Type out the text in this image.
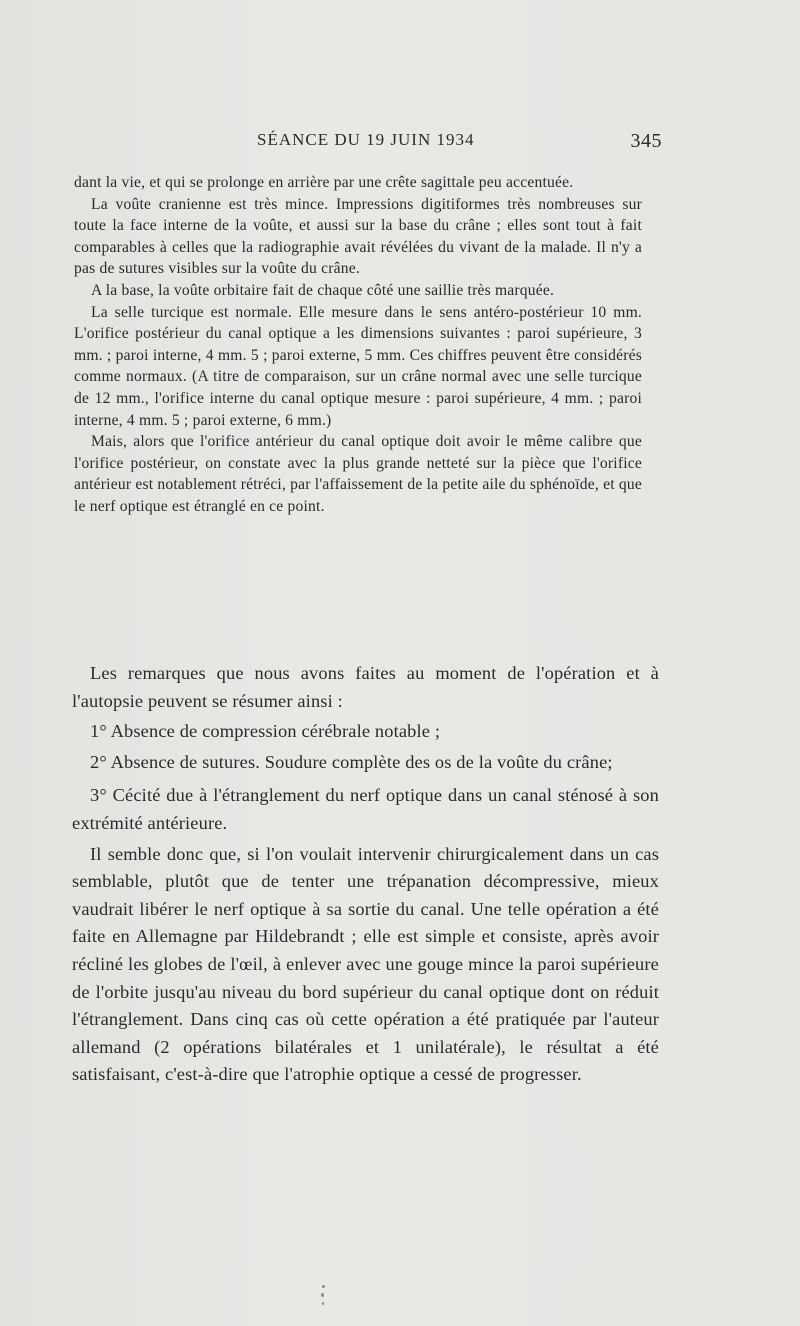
SÉANCE DU 19 JUIN 1934	345

dant la vie, et qui se prolonge en arrière par une crête sagittale peu accentuée.

La voûte cranienne est très mince. Impressions digitiformes très nombreuses sur toute la face interne de la voûte, et aussi sur la base du crâne ; elles sont tout à fait comparables à celles que la radiographie avait révélées du vivant de la malade. Il n'y a pas de sutures visibles sur la voûte du crâne.

A la base, la voûte orbitaire fait de chaque côté une saillie très marquée.

La selle turcique est normale. Elle mesure dans le sens antéro-postérieur 10 mm. L'orifice postérieur du canal optique a les dimensions suivantes : paroi supérieure, 3 mm. ; paroi interne, 4 mm. 5 ; paroi externe, 5 mm. Ces chiffres peuvent être considérés comme normaux. (A titre de comparaison, sur un crâne normal avec une selle turcique de 12 mm., l'orifice interne du canal optique mesure : paroi supérieure, 4 mm. ; paroi interne, 4 mm. 5 ; paroi externe, 6 mm.)

Mais, alors que l'orifice antérieur du canal optique doit avoir le même calibre que l'orifice postérieur, on constate avec la plus grande netteté sur la pièce que l'orifice antérieur est notablement rétréci, par l'affaissement de la petite aile du sphénoïde, et que le nerf optique est étranglé en ce point.

Les remarques que nous avons faites au moment de l'opération et à l'autopsie peuvent se résumer ainsi :

1° Absence de compression cérébrale notable ;

2° Absence de sutures. Soudure complète des os de la voûte du crâne;

3° Cécité due à l'étranglement du nerf optique dans un canal sténosé à son extrémité antérieure.

Il semble donc que, si l'on voulait intervenir chirurgicalement dans un cas semblable, plutôt que de tenter une trépanation décompressive, mieux vaudrait libérer le nerf optique à sa sortie du canal. Une telle opération a été faite en Allemagne par Hildebrandt ; elle est simple et consiste, après avoir récliné les globes de l'œil, à enlever avec une gouge mince la paroi supérieure de l'orbite jusqu'au niveau du bord supérieur du canal optique dont on réduit l'étranglement. Dans cinq cas où cette opération a été pratiquée par l'auteur allemand (2 opérations bilatérales et 1 unilatérale), le résultat a été satisfaisant, c'est-à-dire que l'atrophie optique a cessé de progresser.
